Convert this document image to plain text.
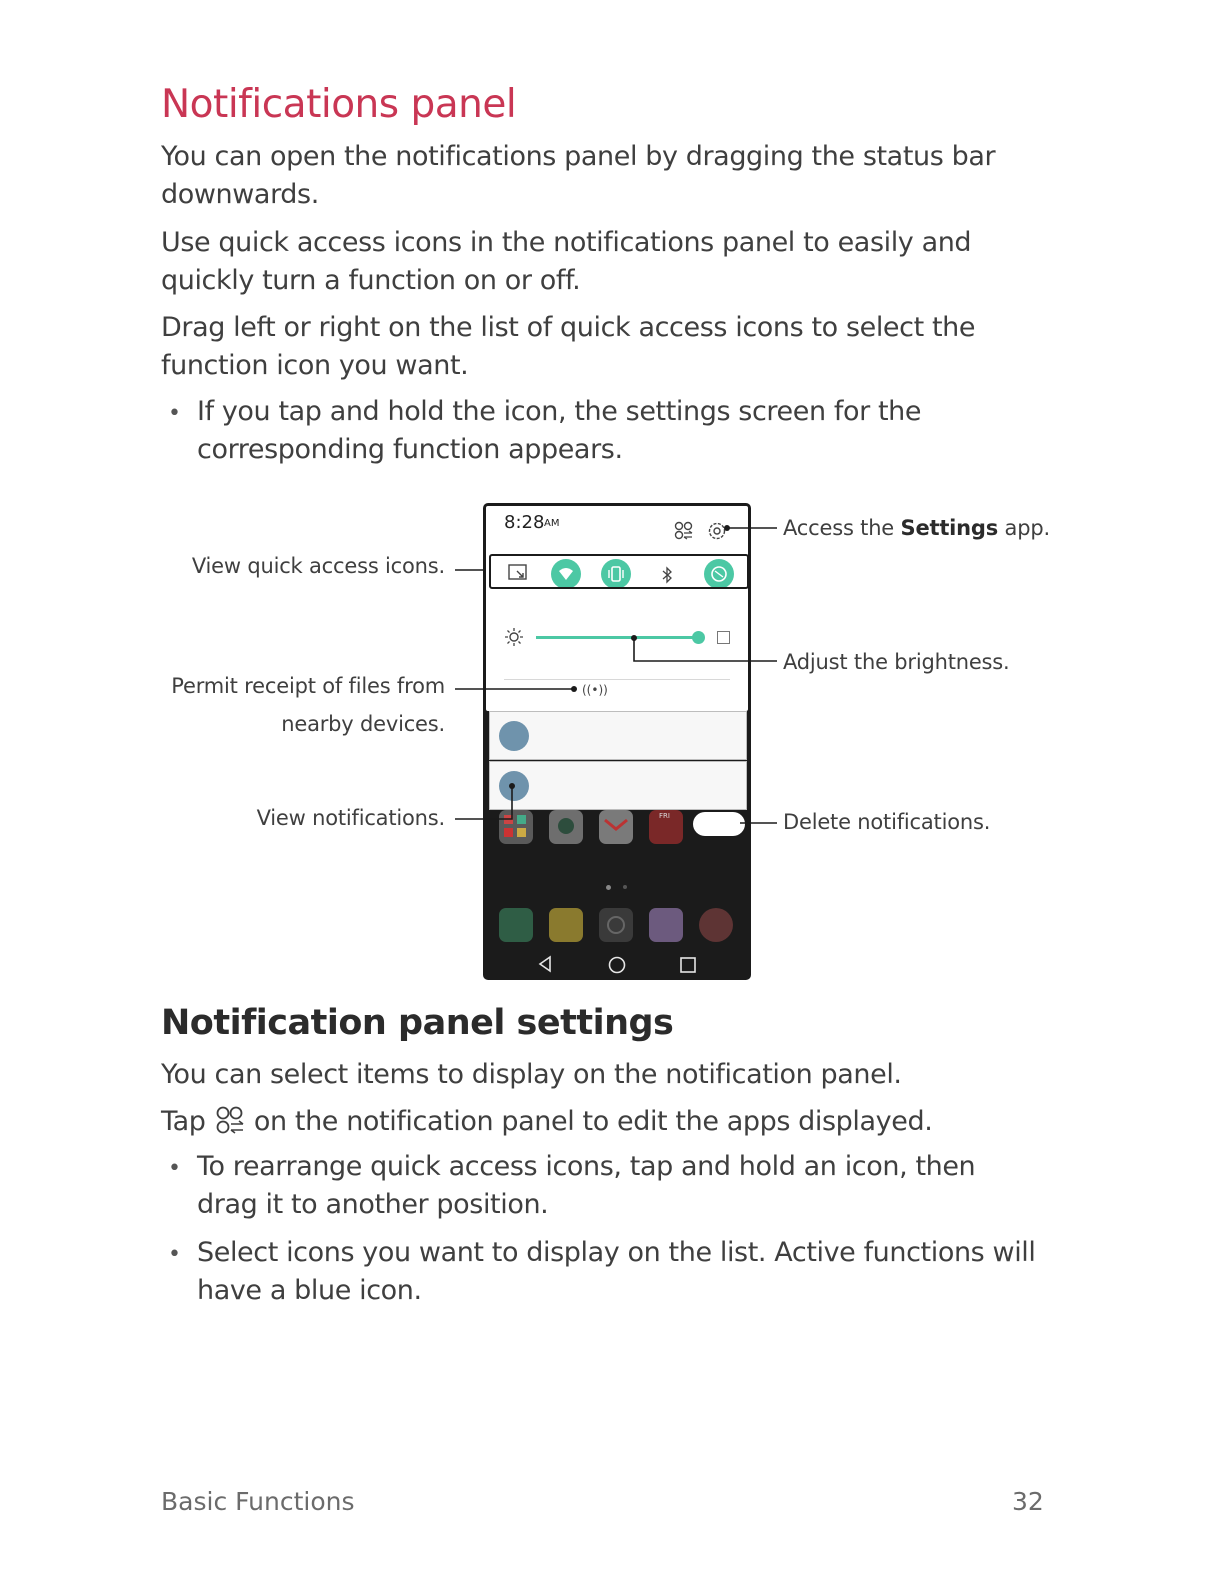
Notifications panel

You can open the notifications panel by dragging the status bar downwards.

Use quick access icons in the notifications panel to easily and quickly turn a function on or off.

Drag left or right on the list of quick access icons to select the function icon you want.

• If you tap and hold the icon, the settings screen for the corresponding function appears.

8:28 AM
((•))
FRI
View quick access icons.
Permit receipt of files from
nearby devices.
View notifications.
Access the Settings app.
Adjust the brightness.
Delete notifications.
Notification panel settings

You can select items to display on the notification panel.

Tap on the notification panel to edit the apps displayed.

• To rearrange quick access icons, tap and hold an icon, then drag it to another position.

• Select icons you want to display on the list. Active functions will have a blue icon.

Basic Functions	32
